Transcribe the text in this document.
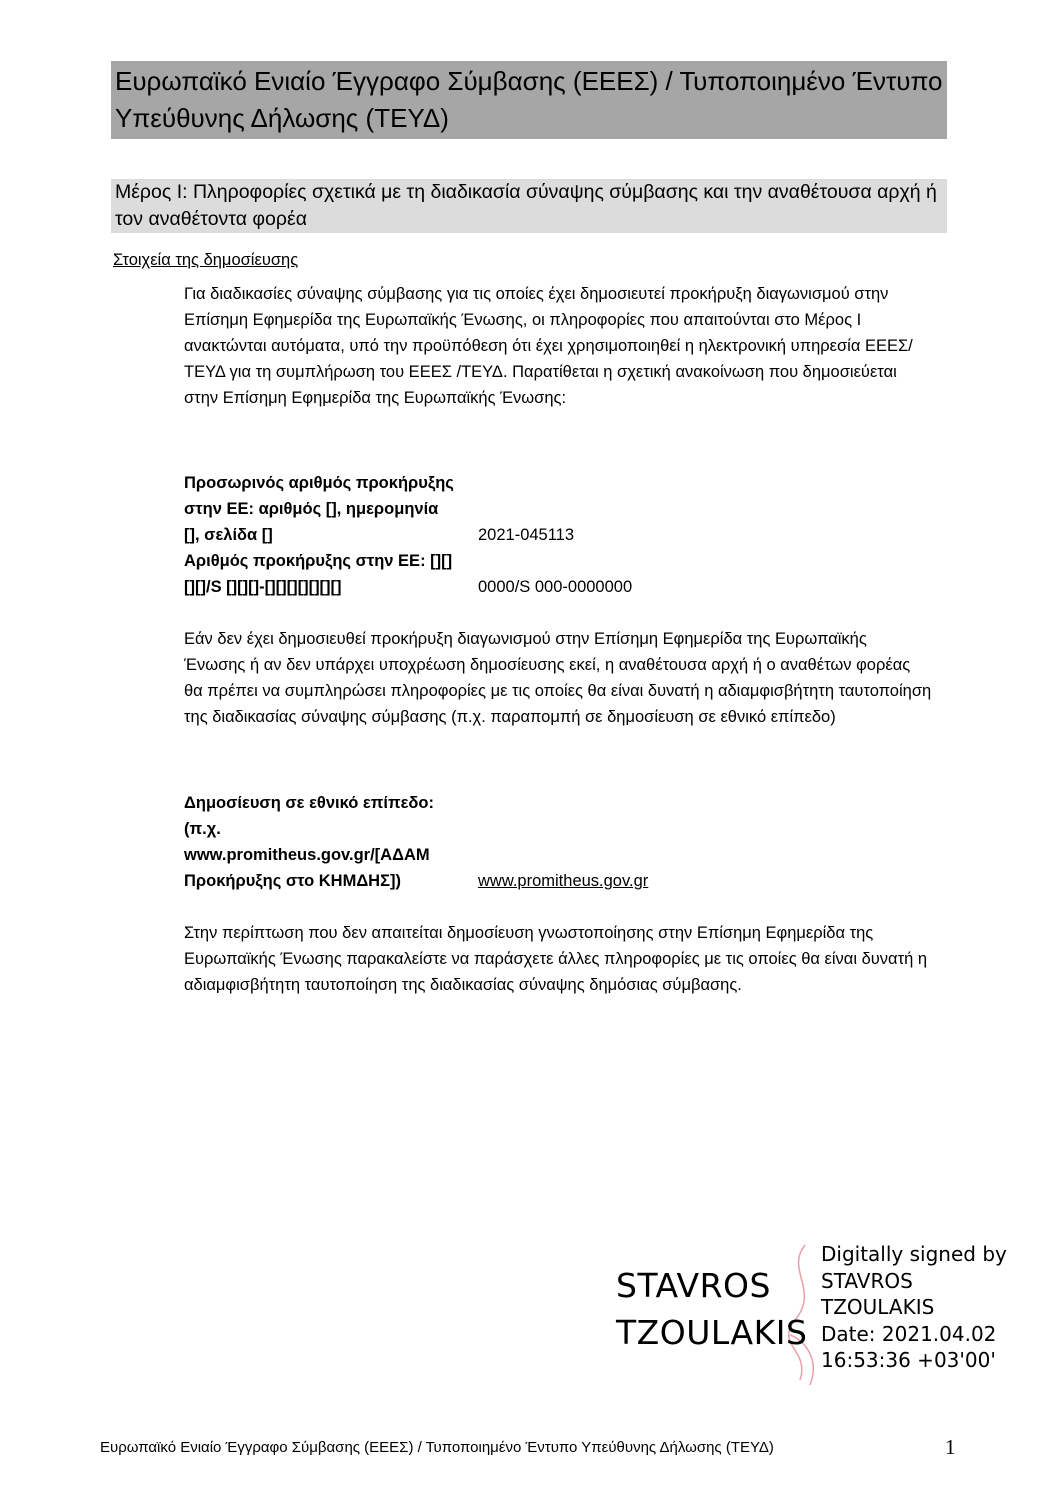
Ευρωπαϊκό Ενιαίο Έγγραφο Σύμβασης (ΕΕΕΣ) / Τυποποιημένο Έντυπο Υπεύθυνης Δήλωσης (ΤΕΥΔ)
Μέρος Ι: Πληροφορίες σχετικά με τη διαδικασία σύναψης σύμβασης και την αναθέτουσα αρχή ή τον αναθέτοντα φορέα
Στοιχεία της δημοσίευσης

Για διαδικασίες σύναψης σύμβασης για τις οποίες έχει δημοσιευτεί προκήρυξη διαγωνισμού στην Επίσημη Εφημερίδα της Ευρωπαϊκής Ένωσης, οι πληροφορίες που απαιτούνται στο Μέρος Ι ανακτώνται αυτόματα, υπό την προϋπόθεση ότι έχει χρησιμοποιηθεί η ηλεκτρονική υπηρεσία ΕΕΕΣ/ΤΕΥΔ για τη συμπλήρωση του ΕΕΕΣ /ΤΕΥΔ. Παρατίθεται η σχετική ανακοίνωση που δημοσιεύεται στην Επίσημη Εφημερίδα της Ευρωπαϊκής Ένωσης:

Προσωρινός αριθμός προκήρυξης στην ΕΕ: αριθμός [], ημερομηνία [], σελίδα []	2021-045113
Αριθμός προκήρυξης στην ΕΕ: [][][][]/S [][][]-[][][][][][][]	0000/S 000-0000000

Εάν δεν έχει δημοσιευθεί προκήρυξη διαγωνισμού στην Επίσημη Εφημερίδα της Ευρωπαϊκής Ένωσης ή αν δεν υπάρχει υποχρέωση δημοσίευσης εκεί, η αναθέτουσα αρχή ή ο αναθέτων φορέας θα πρέπει να συμπληρώσει πληροφορίες με τις οποίες θα είναι δυνατή η αδιαμφισβήτητη ταυτοποίηση της διαδικασίας σύναψης σύμβασης (π.χ. παραπομπή σε δημοσίευση σε εθνικό επίπεδο)

Δημοσίευση σε εθνικό επίπεδο: (π.χ. www.promitheus.gov.gr/[ΑΔΑΜ Προκήρυξης στο ΚΗΜΔΗΣ])	www.promitheus.gov.gr

Στην περίπτωση που δεν απαιτείται δημοσίευση γνωστοποίησης στην Επίσημη Εφημερίδα της Ευρωπαϊκής Ένωσης παρακαλείστε να παράσχετε άλλες πληροφορίες με τις οποίες θα είναι δυνατή η αδιαμφισβήτητη ταυτοποίηση της διαδικασίας σύναψης δημόσιας σύμβασης.

STAVROS
TZOULAKIS
Digitally signed by
STAVROS
TZOULAKIS
Date: 2021.04.02
16:53:36 +03'00'
Ευρωπαϊκό Ενιαίο Έγγραφο Σύμβασης (ΕΕΕΣ) / Τυποποιημένο Έντυπο Υπεύθυνης Δήλωσης (ΤΕΥΔ)	1
